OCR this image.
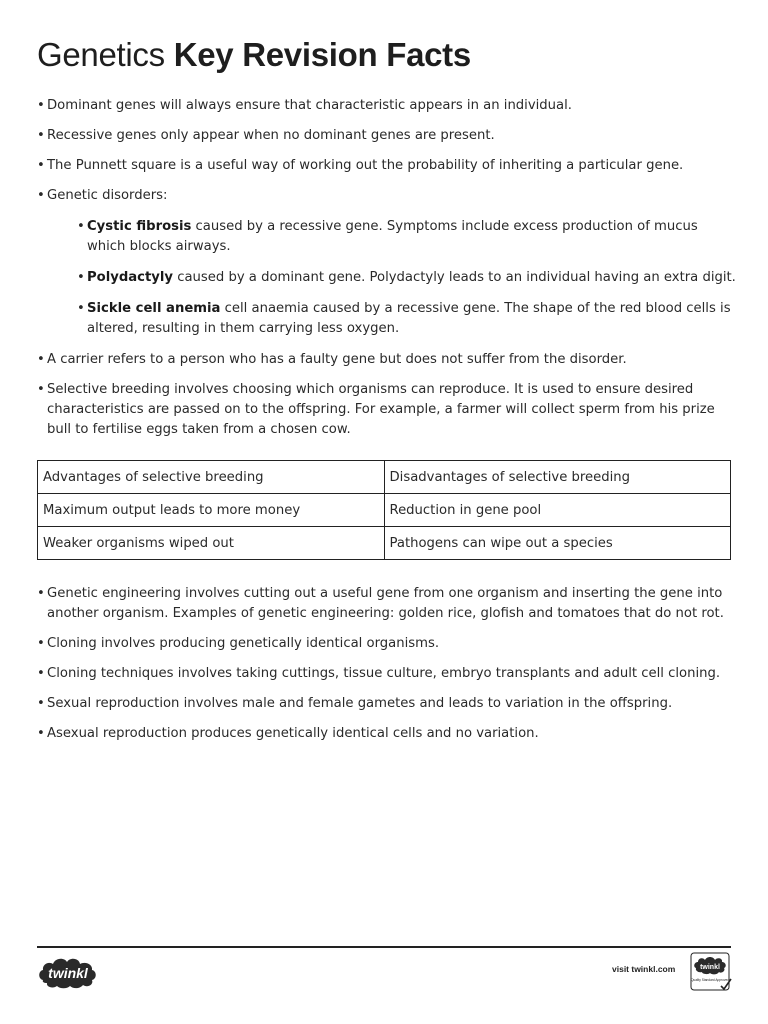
Genetics Key Revision Facts
• Dominant genes will always ensure that characteristic appears in an individual.
• Recessive genes only appear when no dominant genes are present.
• The Punnett square is a useful way of working out the probability of inheriting a particular gene.
• Genetic disorders:
• Cystic fibrosis caused by a recessive gene. Symptoms include excess production of mucus which blocks airways.
• Polydactyly caused by a dominant gene. Polydactyly leads to an individual having an extra digit.
• Sickle cell anemia cell anaemia caused by a recessive gene. The shape of the red blood cells is altered, resulting in them carrying less oxygen.
• A carrier refers to a person who has a faulty gene but does not suffer from the disorder.
• Selective breeding involves choosing which organisms can reproduce. It is used to ensure desired characteristics are passed on to the offspring. For example, a farmer will collect sperm from his prize bull to fertilise eggs taken from a chosen cow.
Advantages of selective breeding	Disadvantages of selective breeding
Maximum output leads to more money	Reduction in gene pool
Weaker organisms wiped out	Pathogens can wipe out a species
• Genetic engineering involves cutting out a useful gene from one organism and inserting the gene into another organism. Examples of genetic engineering: golden rice, glofish and tomatoes that do not rot.
• Cloning involves producing genetically identical organisms.
• Cloning techniques involves taking cuttings, tissue culture, embryo transplants and adult cell cloning.
• Sexual reproduction involves male and female gametes and leads to variation in the offspring.
• Asexual reproduction produces genetically identical cells and no variation.
twinkl	visit twinkl.com	twinkl
Quality Standard Approved
